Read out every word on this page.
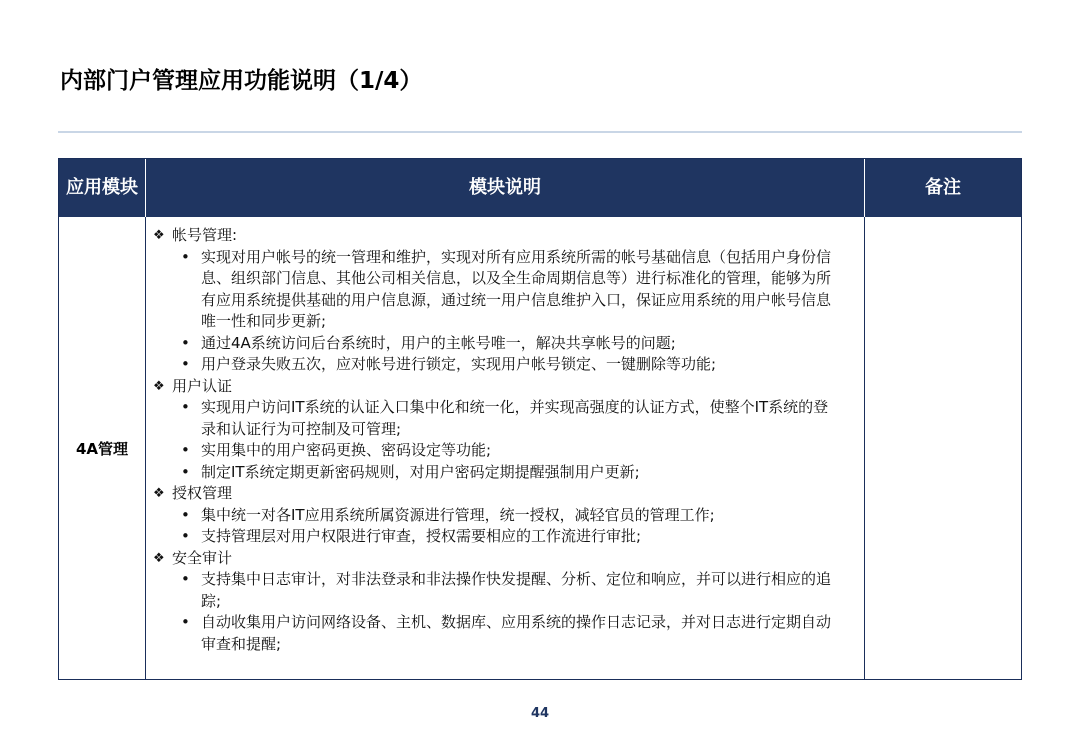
内部门户管理应用功能说明（1/4）
应用模块	模块说明	备注
4A管理
❖ 帐号管理:
• 实现对用户帐号的统一管理和维护，实现对所有应用系统所需的帐号基础信息（包括用户身份信息、组织部门信息、其他公司相关信息，以及全生命周期信息等）进行标准化的管理，能够为所有应用系统提供基础的用户信息源，通过统一用户信息维护入口，保证应用系统的用户帐号信息唯一性和同步更新;
• 通过4A系统访问后台系统时，用户的主帐号唯一，解决共享帐号的问题;
• 用户登录失败五次，应对帐号进行锁定，实现用户帐号锁定、一键删除等功能;
❖ 用户认证
• 实现用户访问IT系统的认证入口集中化和统一化，并实现高强度的认证方式，使整个IT系统的登录和认证行为可控制及可管理;
• 实用集中的用户密码更换、密码设定等功能;
• 制定IT系统定期更新密码规则，对用户密码定期提醒强制用户更新;
❖ 授权管理
• 集中统一对各IT应用系统所属资源进行管理，统一授权，减轻官员的管理工作;
• 支持管理层对用户权限进行审查，授权需要相应的工作流进行审批;
❖ 安全审计
• 支持集中日志审计，对非法登录和非法操作快发提醒、分析、定位和响应，并可以进行相应的追踪;
• 自动收集用户访问网络设备、主机、数据库、应用系统的操作日志记录，并对日志进行定期自动审查和提醒;
44
